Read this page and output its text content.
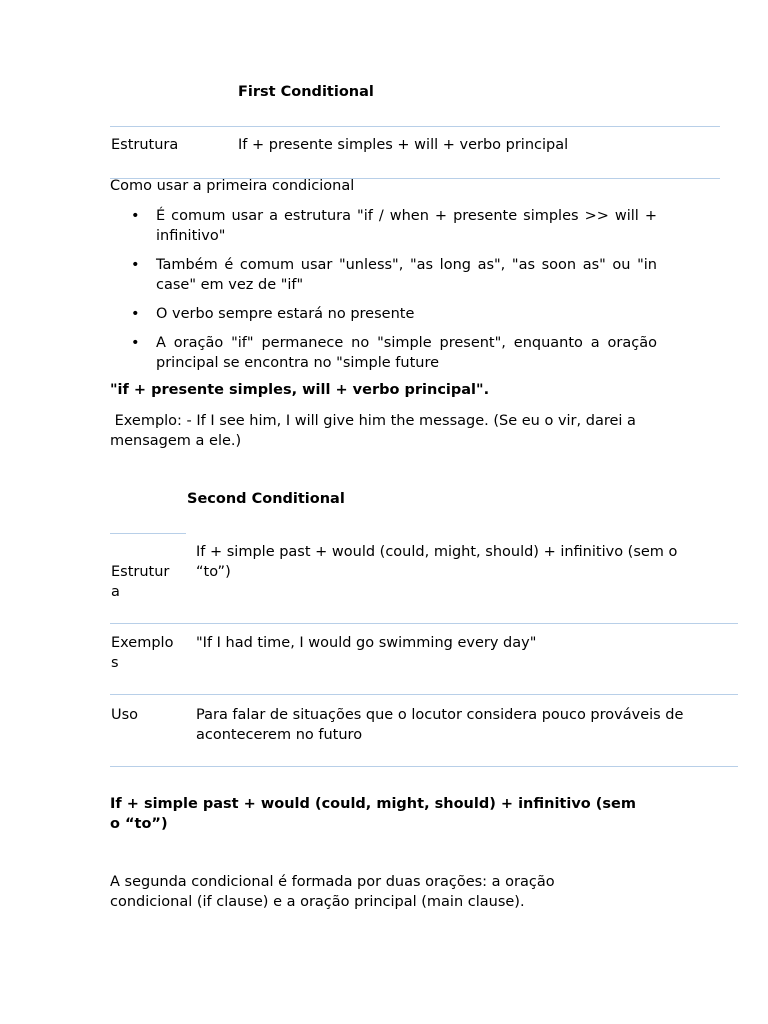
First Conditional
Estrutura	If + presente simples + will + verbo principal
Como usar a primeira condicional
• É comum usar a estrutura "if / when + presente simples >> will + infinitivo"
• Também é comum usar "unless", "as long as", "as soon as" ou "in case" em vez de "if"
• O verbo sempre estará no presente
• A oração "if" permanece no "simple present", enquanto a oração principal se encontra no "simple future
"if + presente simples, will + verbo principal".
Exemplo: - If I see him, I will give him the message. (Se eu o vir, darei a mensagem a ele.)
Second Conditional
Estrutura
If + simple past + would (could, might, should) + infinitivo (sem o “to”)
Exemplos
"If I had time, I would go swimming every day"
Uso	Para falar de situações que o locutor considera pouco prováveis de acontecerem no futuro
If + simple past + would (could, might, should) + infinitivo (sem o “to”)
A segunda condicional é formada por duas orações: a oração condicional (if clause) e a oração principal (main clause).
